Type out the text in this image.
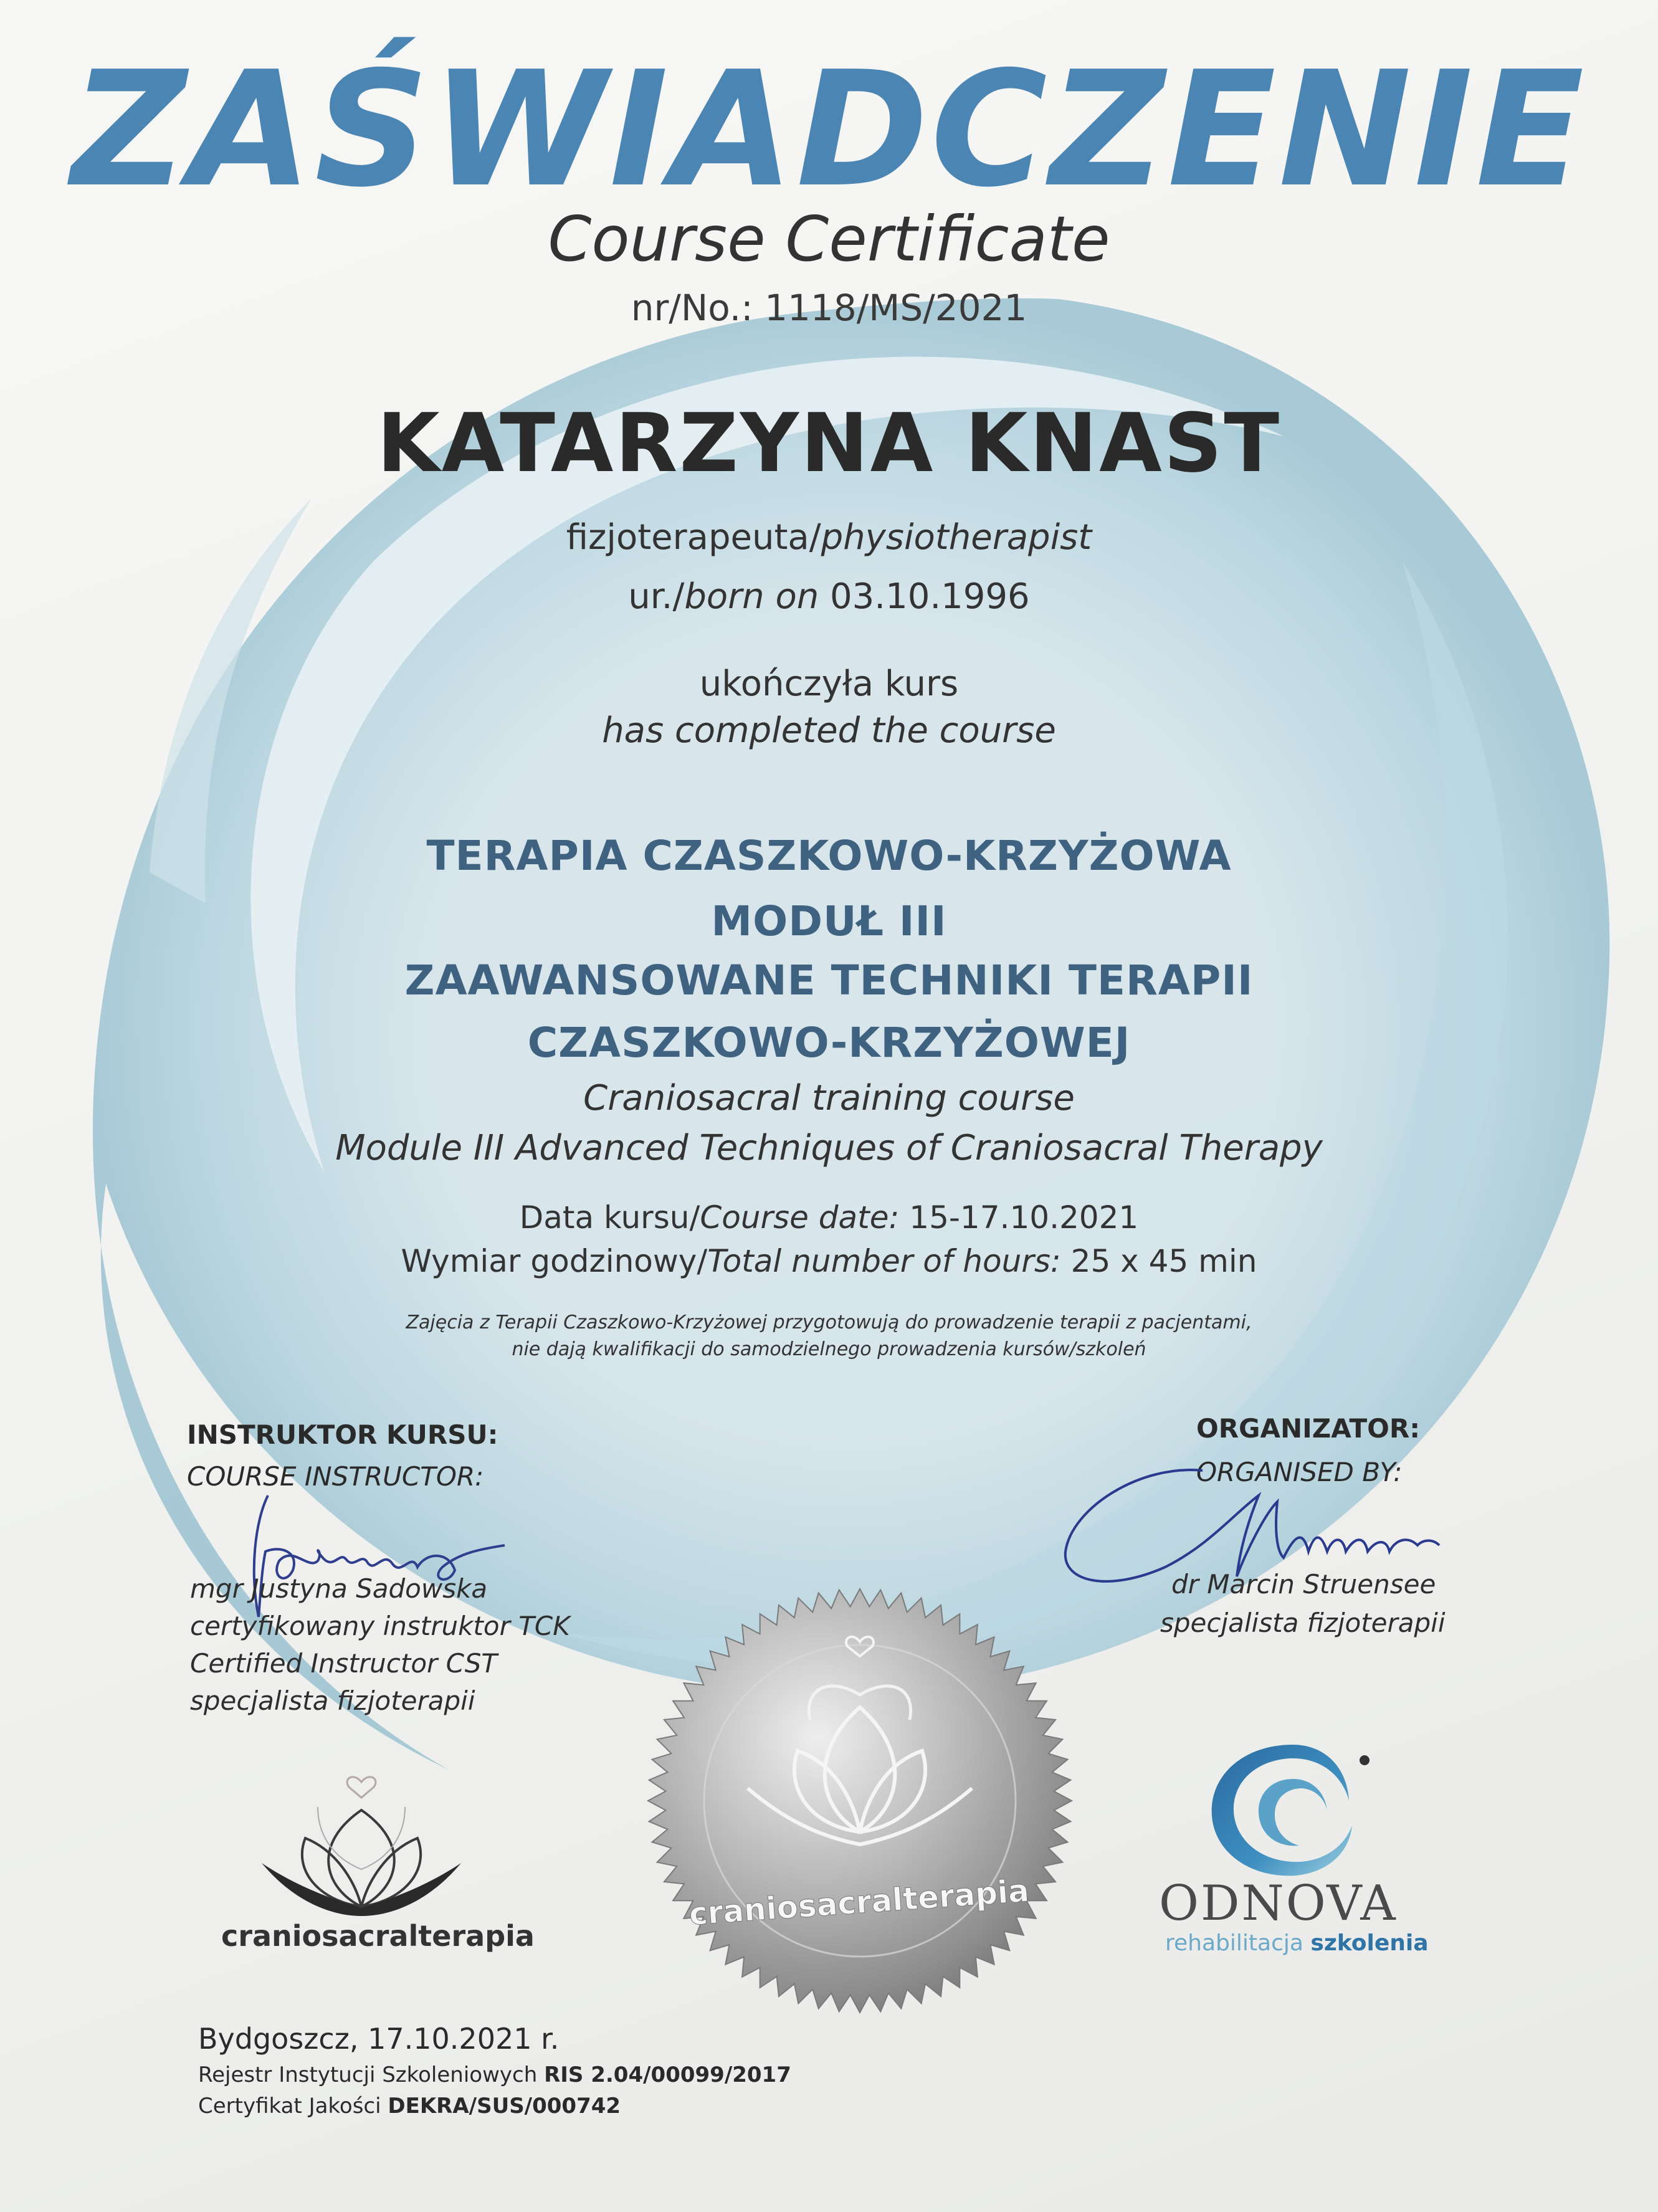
ZAŚWIADCZENIE
Course Certificate
nr/No.: 1118/MS/2021
KATARZYNA KNAST
fizjoterapeuta/physiotherapist
ur./born on 03.10.1996
ukończyła kurs
has completed the course
TERAPIA CZASZKOWO-KRZYŻOWA
MODUŁ III
ZAAWANSOWANE TECHNIKI TERAPII
CZASZKOWO-KRZYŻOWEJ
Craniosacral training course
Module III Advanced Techniques of Craniosacral Therapy
Data kursu/Course date: 15-17.10.2021
Wymiar godzinowy/Total number of hours: 25 x 45 min
Zajęcia z Terapii Czaszkowo-Krzyżowej przygotowują do prowadzenie terapii z pacjentami,
nie dają kwalifikacji do samodzielnego prowadzenia kursów/szkoleń
INSTRUKTOR KURSU:
COURSE INSTRUCTOR:
mgr Justyna Sadowska
certyfikowany instruktor TCK
Certified Instructor CST
specjalista fizjoterapii
ORGANIZATOR:
ORGANISED BY:
dr Marcin Struensee
specjalista fizjoterapii
craniosacralterapia
craniosacralterapia	ODNOVA
rehabilitacja szkolenia
Bydgoszcz, 17.10.2021 r.
Rejestr Instytucji Szkoleniowych RIS 2.04/00099/2017
Certyfikat Jakości DEKRA/SUS/000742
